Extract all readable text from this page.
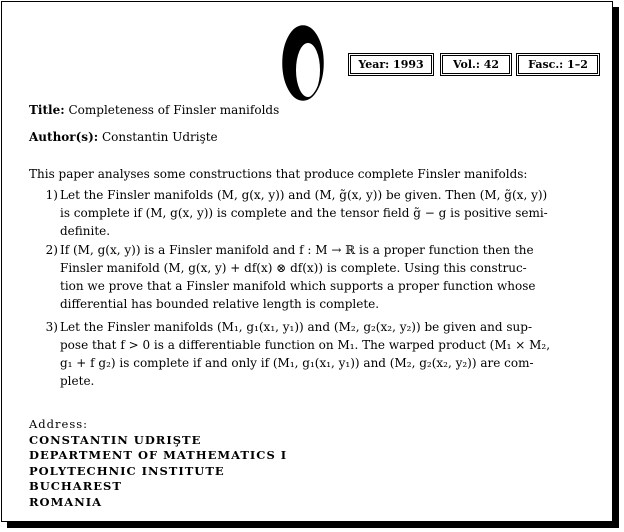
Year: 1993	Vol.: 42	Fasc.: 1–2
Title: Completeness of Finsler manifolds
Author(s): Constantin Udrişte
This paper analyses some constructions that produce complete Finsler manifolds:
1) Let the Finsler manifolds (M, g(x, y)) and (M, g̃(x, y)) be given. Then (M, g̃(x, y))
is complete if (M, g(x, y)) is complete and the tensor field g̃ − g is positive semi-
definite.
2) If (M, g(x, y)) is a Finsler manifold and f : M → ℝ is a proper function then the
Finsler manifold (M, g(x, y) + df(x) ⊗ df(x)) is complete. Using this construc-
tion we prove that a Finsler manifold which supports a proper function whose
differential has bounded relative length is complete.
3) Let the Finsler manifolds (M₁, g₁(x₁, y₁)) and (M₂, g₂(x₂, y₂)) be given and sup-
pose that f > 0 is a differentiable function on M₁. The warped product (M₁ × M₂,
g₁ + f g₂) is complete if and only if (M₁, g₁(x₁, y₁)) and (M₂, g₂(x₂, y₂)) are com-
plete.
Address:
CONSTANTIN UDRIŞTE
DEPARTMENT OF MATHEMATICS I
POLYTECHNIC INSTITUTE
BUCHAREST
ROMANIA
